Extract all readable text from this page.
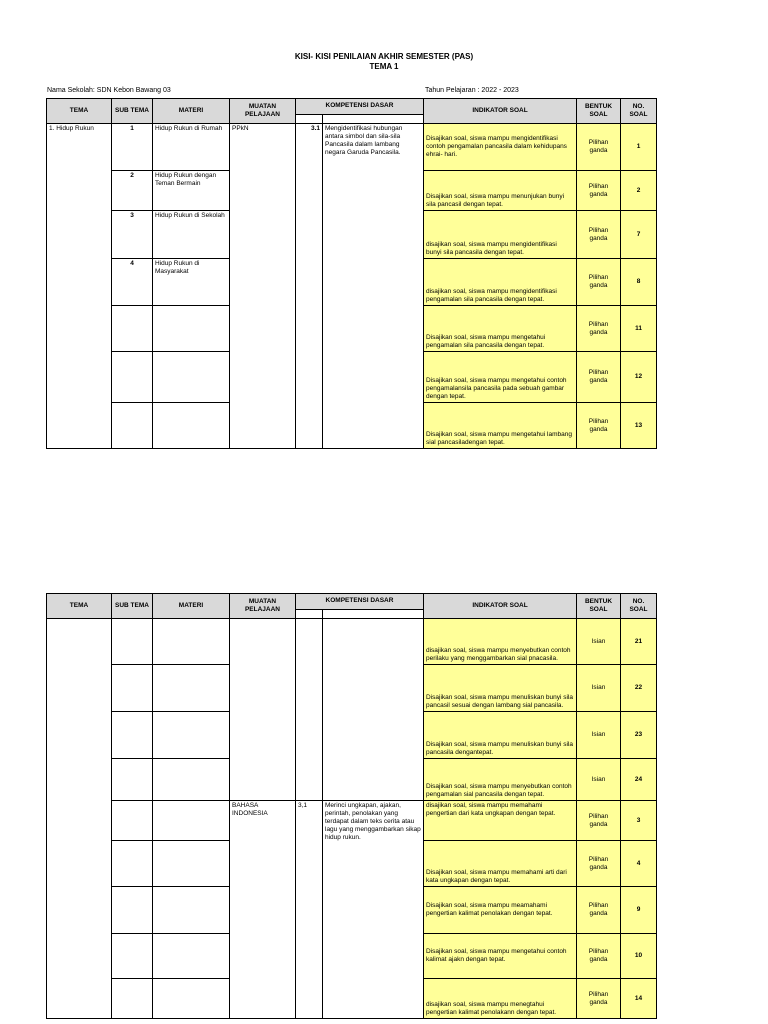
KISI- KISI PENILAIAN AKHIR SEMESTER (PAS)
TEMA 1
Nama Sekolah: SDN Kebon Bawang 03	Tahun Pelajaran : 2022 - 2023
TEMA	SUB TEMA	MATERI	MUATAN PELAJAAN	KOMPETENSI DASAR		INDIKATOR SOAL	BENTUK SOAL	NO. SOAL

1. Hidup Rukun	1	Hidup Rukun di Rumah	PPkN	3.1	Mengidentifikasi hubungan antara simbol dan sila-sila Pancasila dalam lambang negara Garuda Pancasila.	Disajikan soal, siswa mampu mengidentifikasi contoh pengamalan pancasila dalam kehidupans ehrai- hari.	Pilihan ganda	1
	2	Hidup Rukun dengan Teman Bermain				Disajikan soal, siswa mampu menunjukan bunyi sila pancasil dengan tepat.	Pilihan ganda	2
	3	Hidup Rukun di Sekolah				disajikan soal, siswa mampu mengidentifikasi bunyi sila pancasila dengan tepat.	Pilihan ganda	7
	4	Hidup Rukun di Masyarakat				disajikan soal, siswa mampu mengidentifikasi pengamalan sila pancasila dengan tepat.	Pilihan ganda	8
						Disajikan soal, siswa mampu mengetahui pengamalan sila pancasila dengan tepat.	Pilihan ganda	11
						Disajikan soal, siswa mampu mengetahui contoh pengamalansila pancasila pada sebuah gambar dengan tepat.	Pilihan ganda	12
						Disajikan soal, siswa mampu mengetahui lambang sial pancasiladengan tepat.	Pilihan ganda	13
TEMA	SUB TEMA	MATERI	MUATAN PELAJAAN	KOMPETENSI DASAR		INDIKATOR SOAL	BENTUK SOAL	NO. SOAL

						disajikan soal, siswa mampu menyebutkan contoh perilaku yang menggambarkan sial pnacasila.	Isian	21
						Disajikan soal, siswa mampu menuliskan bunyi sila pancasil sesuai dengan lambang sial pancasila.	Isian	22
						Disajikan soal, siswa mampu menuliskan bunyi sila pancasila dengantepat.	Isian	23
						Disajikan soal, siswa mampu menyebutkan contoh pengamalan sial pancasila dengan tepat.	Isian	24
			BAHASA INDONESIA	3,1	Merinci ungkapan, ajakan, perintah, penolakan yang terdapat dalam teks cerita atau lagu yang menggambarkan sikap hidup rukun.	disajikan soal, siswa mampu memahami pengertian dari kata ungkapan dengan tepat.	Pilihan ganda	3
						Disajikan soal, siswa mampu memahami arti dari kata ungkapan dengan tepat.	Pilihan ganda	4
						Disajikan soal, siswa mampu meamahami pengertian kalimat penolakan dengan tepat.	Pilihan ganda	9
						Disajikan soal, siswa mampu mengetahui contoh kalimat ajakn dengan tepat.	Pilihan ganda	10
						disajikan soal, siswa mampu menegtahui pengertian kalimat penolakann dengan tepat.	Pilihan ganda	14
